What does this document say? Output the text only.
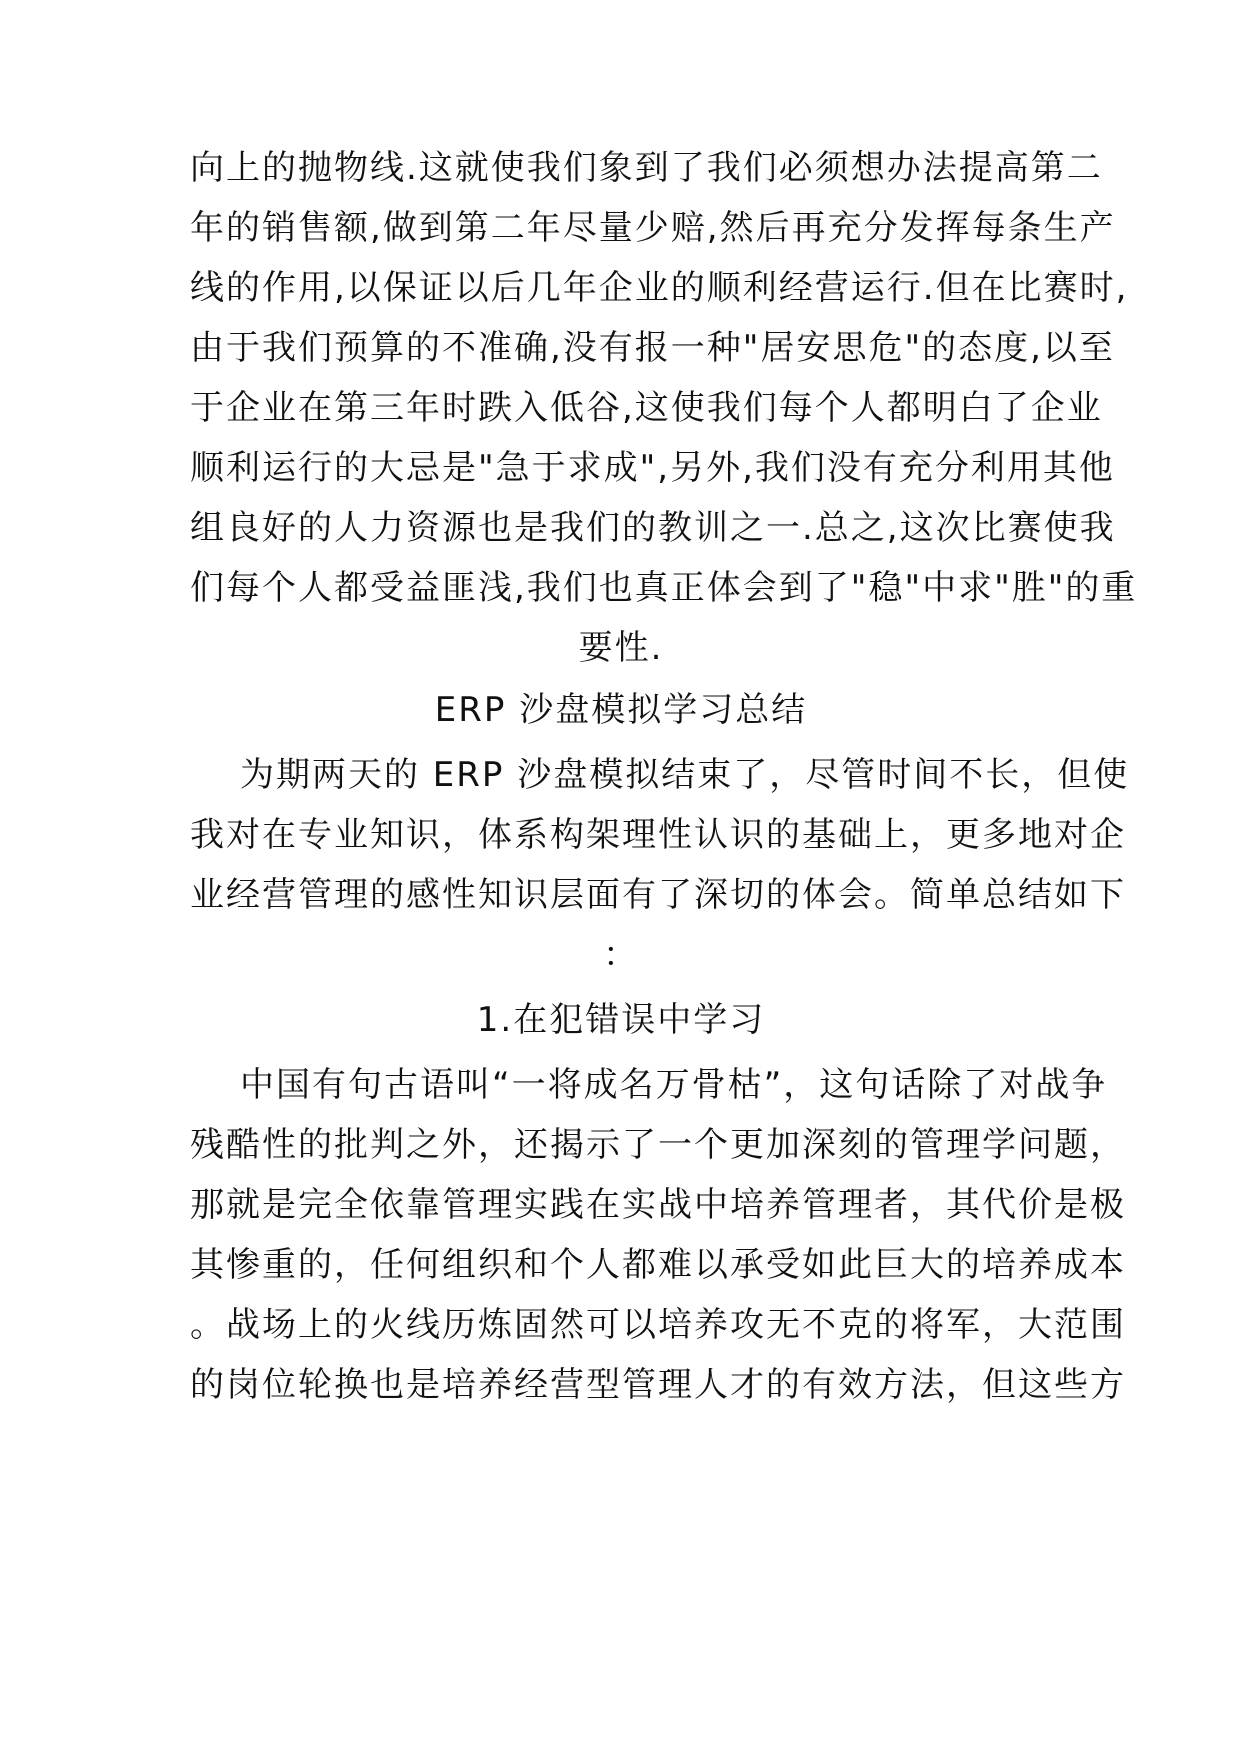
向上的抛物线.这就使我们象到了我们必须想办法提高第二
年的销售额,做到第二年尽量少赔,然后再充分发挥每条生产
线的作用,以保证以后几年企业的顺利经营运行.但在比赛时,
由于我们预算的不准确,没有报一种"居安思危"的态度,以至
于企业在第三年时跌入低谷,这使我们每个人都明白了企业
顺利运行的大忌是"急于求成",另外,我们没有充分利用其他
组良好的人力资源也是我们的教训之一.总之,这次比赛使我
们每个人都受益匪浅,我们也真正体会到了"稳"中求"胜"的重
要性.
ERP 沙盘模拟学习总结
为期两天的 ERP 沙盘模拟结束了，尽管时间不长，但使
我对在专业知识，体系构架理性认识的基础上，更多地对企
业经营管理的感性知识层面有了深切的体会。简单总结如下
：
1.在犯错误中学习
中国有句古语叫“一将成名万骨枯”，这句话除了对战争
残酷性的批判之外，还揭示了一个更加深刻的管理学问题，
那就是完全依靠管理实践在实战中培养管理者，其代价是极
其惨重的，任何组织和个人都难以承受如此巨大的培养成本
。战场上的火线历炼固然可以培养攻无不克的将军，大范围
的岗位轮换也是培养经营型管理人才的有效方法，但这些方
